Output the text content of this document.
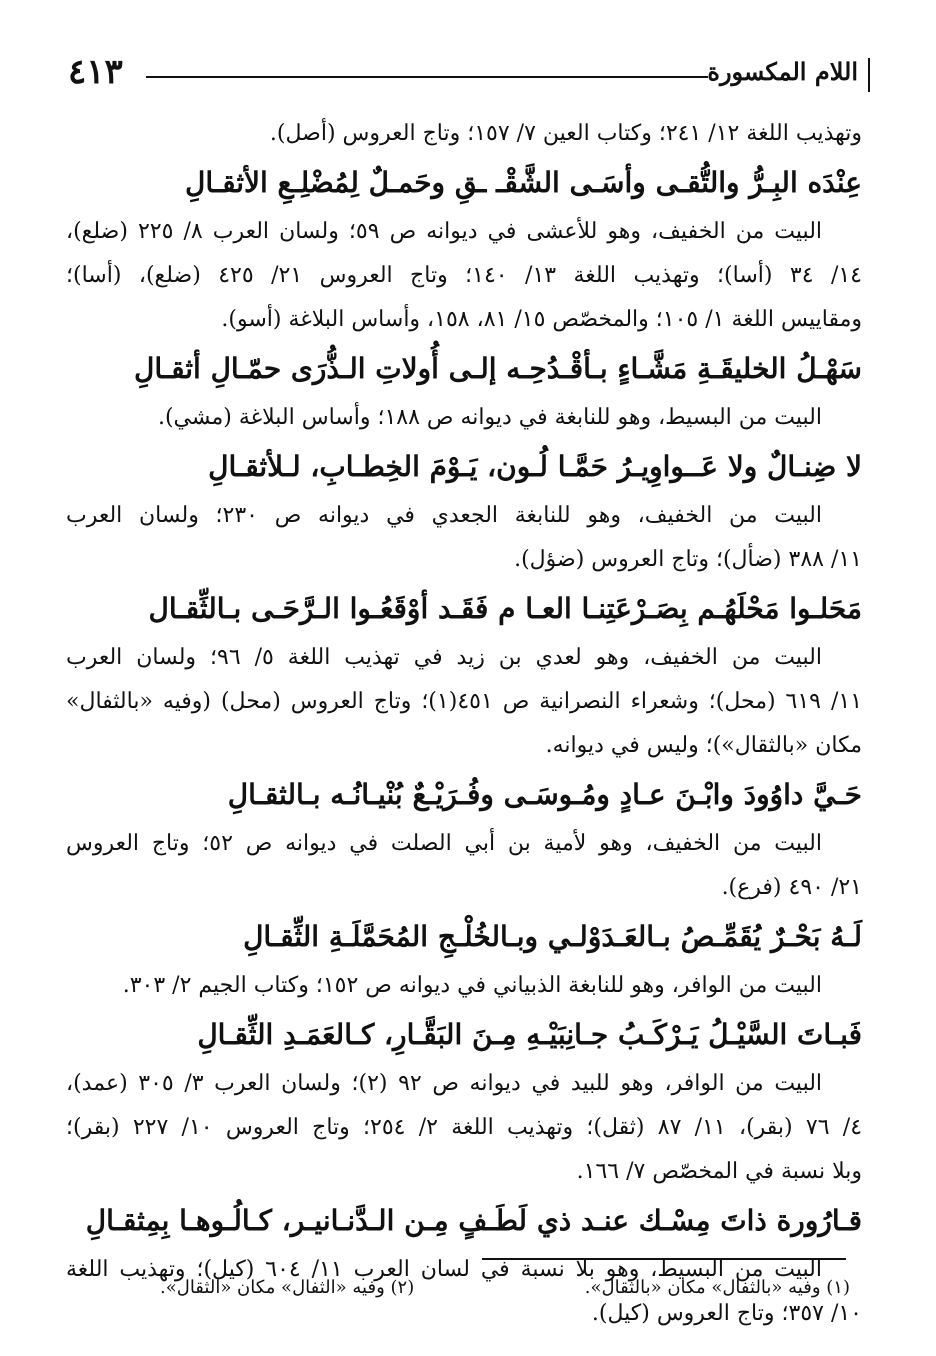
اللام المكسورة
٤١٣
وتهذيب اللغة ١٢/ ٢٤١؛ وكتاب العين ٧/ ١٥٧؛ وتاج العروس (أصل).
عِنْدَه البِـرُّ والتُّقـى وأسَـى الشَّقْـ ـقِ وحَمـلٌ لِمُضْلِـعِ الأثقـالِ
البيت من الخفيف، وهو للأعشى في ديوانه ص ٥٩؛ ولسان العرب ٨/ ٢٢٥ (ضلع)،
١٤/ ٣٤ (أسا)؛ وتهذيب اللغة ١٣/ ١٤٠؛ وتاج العروس ٢١/ ٤٢٥ (ضلع)، (أسا)؛
ومقاييس اللغة ١/ ١٠٥؛ والمخصّص ١٥/ ٨١، ١٥٨، وأساس البلاغة (أسو).
سَهْـلُ الخليقَـةِ مَشَّـاءٍ بـأقْـدُحِـه إلـى أُولاتِ الـذُّرَى حمّـالِ أثقـالِ
البيت من البسيط، وهو للنابغة في ديوانه ص ١٨٨؛ وأساس البلاغة (مشي).
لا ضِنـالٌ ولا عَــواوِيـرُ حَمَّـا لُـون، يَـوْمَ الخِطـابِ، لـلأثقـالِ
البيت من الخفيف، وهو للنابغة الجعدي في ديوانه ص ٢٣٠؛ ولسان العرب
١١/ ٣٨٨ (ضأل)؛ وتاج العروس (ضؤل).
مَحَلـوا مَحْلَهُـم بِصَـرْعَتِنـا العـا م فَقَـد أوْقَعُـوا الـرَّحَـى بـالثِّقـال
البيت من الخفيف، وهو لعدي بن زيد في تهذيب اللغة ٥/ ٩٦؛ ولسان العرب
١١/ ٦١٩ (محل)؛ وشعراء النصرانية ص ٤٥١(١)؛ وتاج العروس (محل) (وفيه «بالثفال»
مكان «بالثقال»)؛ وليس في ديوانه.
حَـيَّ داوُودَ وابْـنَ عـادٍ ومُـوسَـى وفُـرَيْـعٌ بُنْيـانُـه بـالثقـالِ
البيت من الخفيف، وهو لأمية بن أبي الصلت في ديوانه ص ٥٢؛ وتاج العروس
٢١/ ٤٩٠ (فرع).
لَـهُ بَحْـرٌ يُقَمِّـصُ بـالعَـدَوْلـي وبـالخُلْـجِ المُحَمَّلَـةِ الثِّقـالِ
البيت من الوافر، وهو للنابغة الذبياني في ديوانه ص ١٥٢؛ وكتاب الجيم ٢/ ٣٠٣.
فَبـاتَ السَّيْـلُ يَـرْكَـبُ جـانِبَيْـهِ مِـنَ البَقَّـارِ، كـالعَمَـدِ الثِّقـالِ
البيت من الوافر، وهو للبيد في ديوانه ص ٩٢ (٢)؛ ولسان العرب ٣/ ٣٠٥ (عمد)،
٤/ ٧٦ (بقر)، ١١/ ٨٧ (ثقل)؛ وتهذيب اللغة ٢/ ٢٥٤؛ وتاج العروس ١٠/ ٢٢٧ (بقر)؛
وبلا نسبة في المخصّص ٧/ ١٦٦.
قـارُورة ذاتَ مِسْـك عنـد ذي لَطَـفٍ مِـن الـدَّنـانيـر، كـالُـوهـا بِمِثقـالِ
البيت من البسيط، وهو بلا نسبة في لسان العرب ١١/ ٦٠٤ (كيل)؛ وتهذيب اللغة
١٠/ ٣٥٧؛ وتاج العروس (كيل).
(١) وفيه «بالثفال» مكان «بالثقال».
(٢) وفيه «الثفال» مكان «الثقال».
